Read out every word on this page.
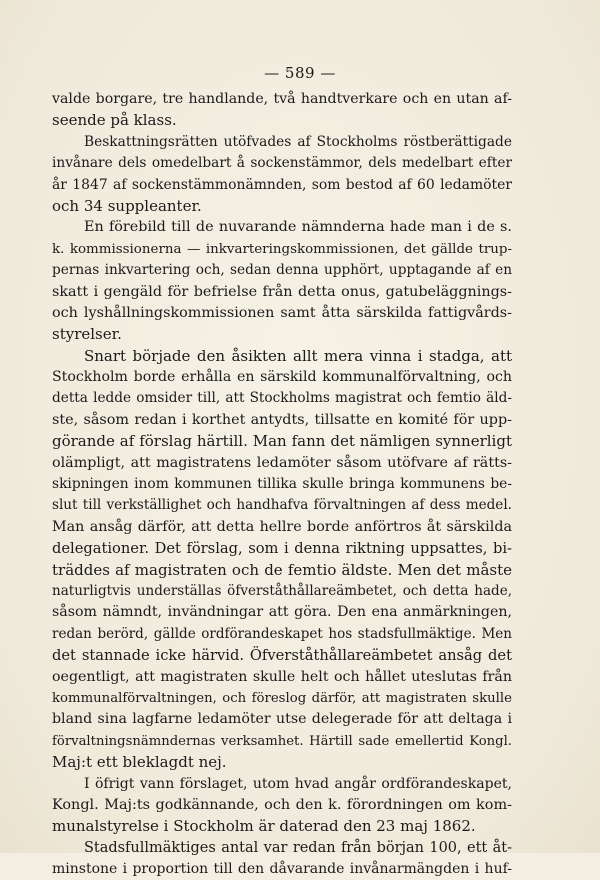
— 589 —
valde borgare, tre handlande, två handtverkare och en utan af-
seende på klass.
Beskattningsrätten utöfvades af Stockholms röstberättigade
invånare dels omedelbart å sockenstämmor, dels medelbart efter
år 1847 af sockenstämmonämnden, som bestod af 60 ledamöter
och 34 suppleanter.
En förebild till de nuvarande nämnderna hade man i de s.
k. kommissionerna — inkvarteringskommissionen, det gällde trup-
pernas inkvartering och, sedan denna upphört, upptagande af en
skatt i gengäld för befrielse från detta onus, gatubeläggnings-
och lyshållningskommissionen samt åtta särskilda fattigvårds-
styrelser.
Snart började den åsikten allt mera vinna i stadga, att
Stockholm borde erhålla en särskild kommunalförvaltning, och
detta ledde omsider till, att Stockholms magistrat och femtio äld-
ste, såsom redan i korthet antydts, tillsatte en komité för upp-
görande af förslag härtill. Man fann det nämligen synnerligt
olämpligt, att magistratens ledamöter såsom utöfvare af rätts-
skipningen inom kommunen tillika skulle bringa kommunens be-
slut till verkställighet och handhafva förvaltningen af dess medel.
Man ansåg därför, att detta hellre borde anförtros åt särskilda
delegationer. Det förslag, som i denna riktning uppsattes, bi-
träddes af magistraten och de femtio äldste. Men det måste
naturligtvis underställas öfverståthållareämbetet, och detta hade,
såsom nämndt, invändningar att göra. Den ena anmärkningen,
redan berörd, gällde ordförandeskapet hos stadsfullmäktige. Men
det stannade icke härvid. Öfverståthållareämbetet ansåg det
oegentligt, att magistraten skulle helt och hållet uteslutas från
kommunalförvaltningen, och föreslog därför, att magistraten skulle
bland sina lagfarne ledamöter utse delegerade för att deltaga i
förvaltningsnämndernas verksamhet. Härtill sade emellertid Kongl.
Maj:t ett bleklagdt nej.
I öfrigt vann förslaget, utom hvad angår ordförandeskapet,
Kongl. Maj:ts godkännande, och den k. förordningen om kom-
munalstyrelse i Stockholm är daterad den 23 maj 1862.
Stadsfullmäktiges antal var redan från början 100, ett åt-
minstone i proportion till den dåvarande invånarmängden i huf-
